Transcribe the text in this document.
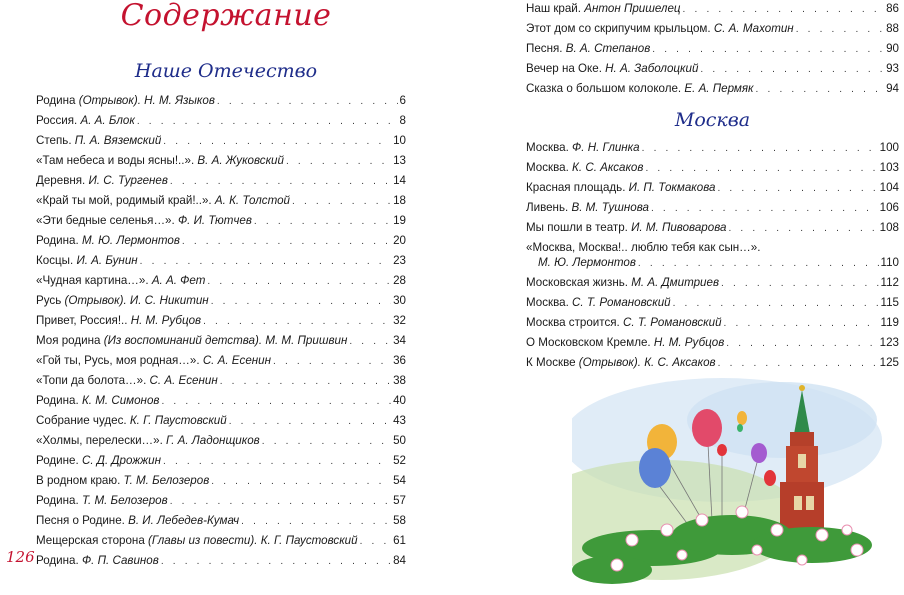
Содержание
Наше Отечество
Родина (Отрывок). Н. М. Языков . . .	6
Россия. А. А. Блок . . .	8
Степь. П. А. Вяземский . . .	10
«Там небеса и воды ясны!..». В. А. Жуковский . . .	13
Деревня. И. С. Тургенев . . .	14
«Край ты мой, родимый край!..». А. К. Толстой . . .	18
«Эти бедные селенья…». Ф. И. Тютчев . . .	19
Родина. М. Ю. Лермонтов . . .	20
Косцы. И. А. Бунин . . .	23
«Чудная картина…». А. А. Фет . . .	28
Русь (Отрывок). И. С. Никитин . . .	30
Привет, Россия!.. Н. М. Рубцов . . .	32
Моя родина (Из воспоминаний детства). М. М. Пришвин . . .	34
«Гой ты, Русь, моя родная…». С. А. Есенин . . .	36
«Топи да болота…». С. А. Есенин . . .	38
Родина. К. М. Симонов . . .	40
Собрание чудес. К. Г. Паустовский . . .	43
«Холмы, перелески…». Г. А. Ладонщиков . . .	50
Родине. С. Д. Дрожжин . . .	52
В родном краю. Т. М. Белозеров . . .	54
Родина. Т. М. Белозеров . . .	57
Песня о Родине. В. И. Лебедев-Кумач . . .	58
Мещерская сторона (Главы из повести). К. Г. Паустовский . . .	61
Родина. Ф. П. Савинов . . .	84
126
Наш край. Антон Пришелец . . .	86
Этот дом со скрипучим крыльцом. С. А. Махотин . . .	88
Песня. В. А. Степанов . . .	90
Вечер на Оке. Н. А. Заболоцкий . . .	93
Сказка о большом колоколе. Е. А. Пермяк . . .	94
Москва
Москва. Ф. Н. Глинка . . .	100
Москва. К. С. Аксаков . . .	103
Красная площадь. И. П. Токмакова . . .	104
Ливень. В. М. Тушнова . . .	106
Мы пошли в театр. И. М. Пивоварова . . .	108
«Москва, Москва!.. люблю тебя как сын…».
М. Ю. Лермонтов . . .	110
Московская жизнь. М. А. Дмитриев . . .	112
Москва. С. Т. Романовский . . .	115
Москва строится. С. Т. Романовский . . .	119
О Московском Кремле. Н. М. Рубцов . . .	123
К Москве (Отрывок). К. С. Аксаков . . .	125
